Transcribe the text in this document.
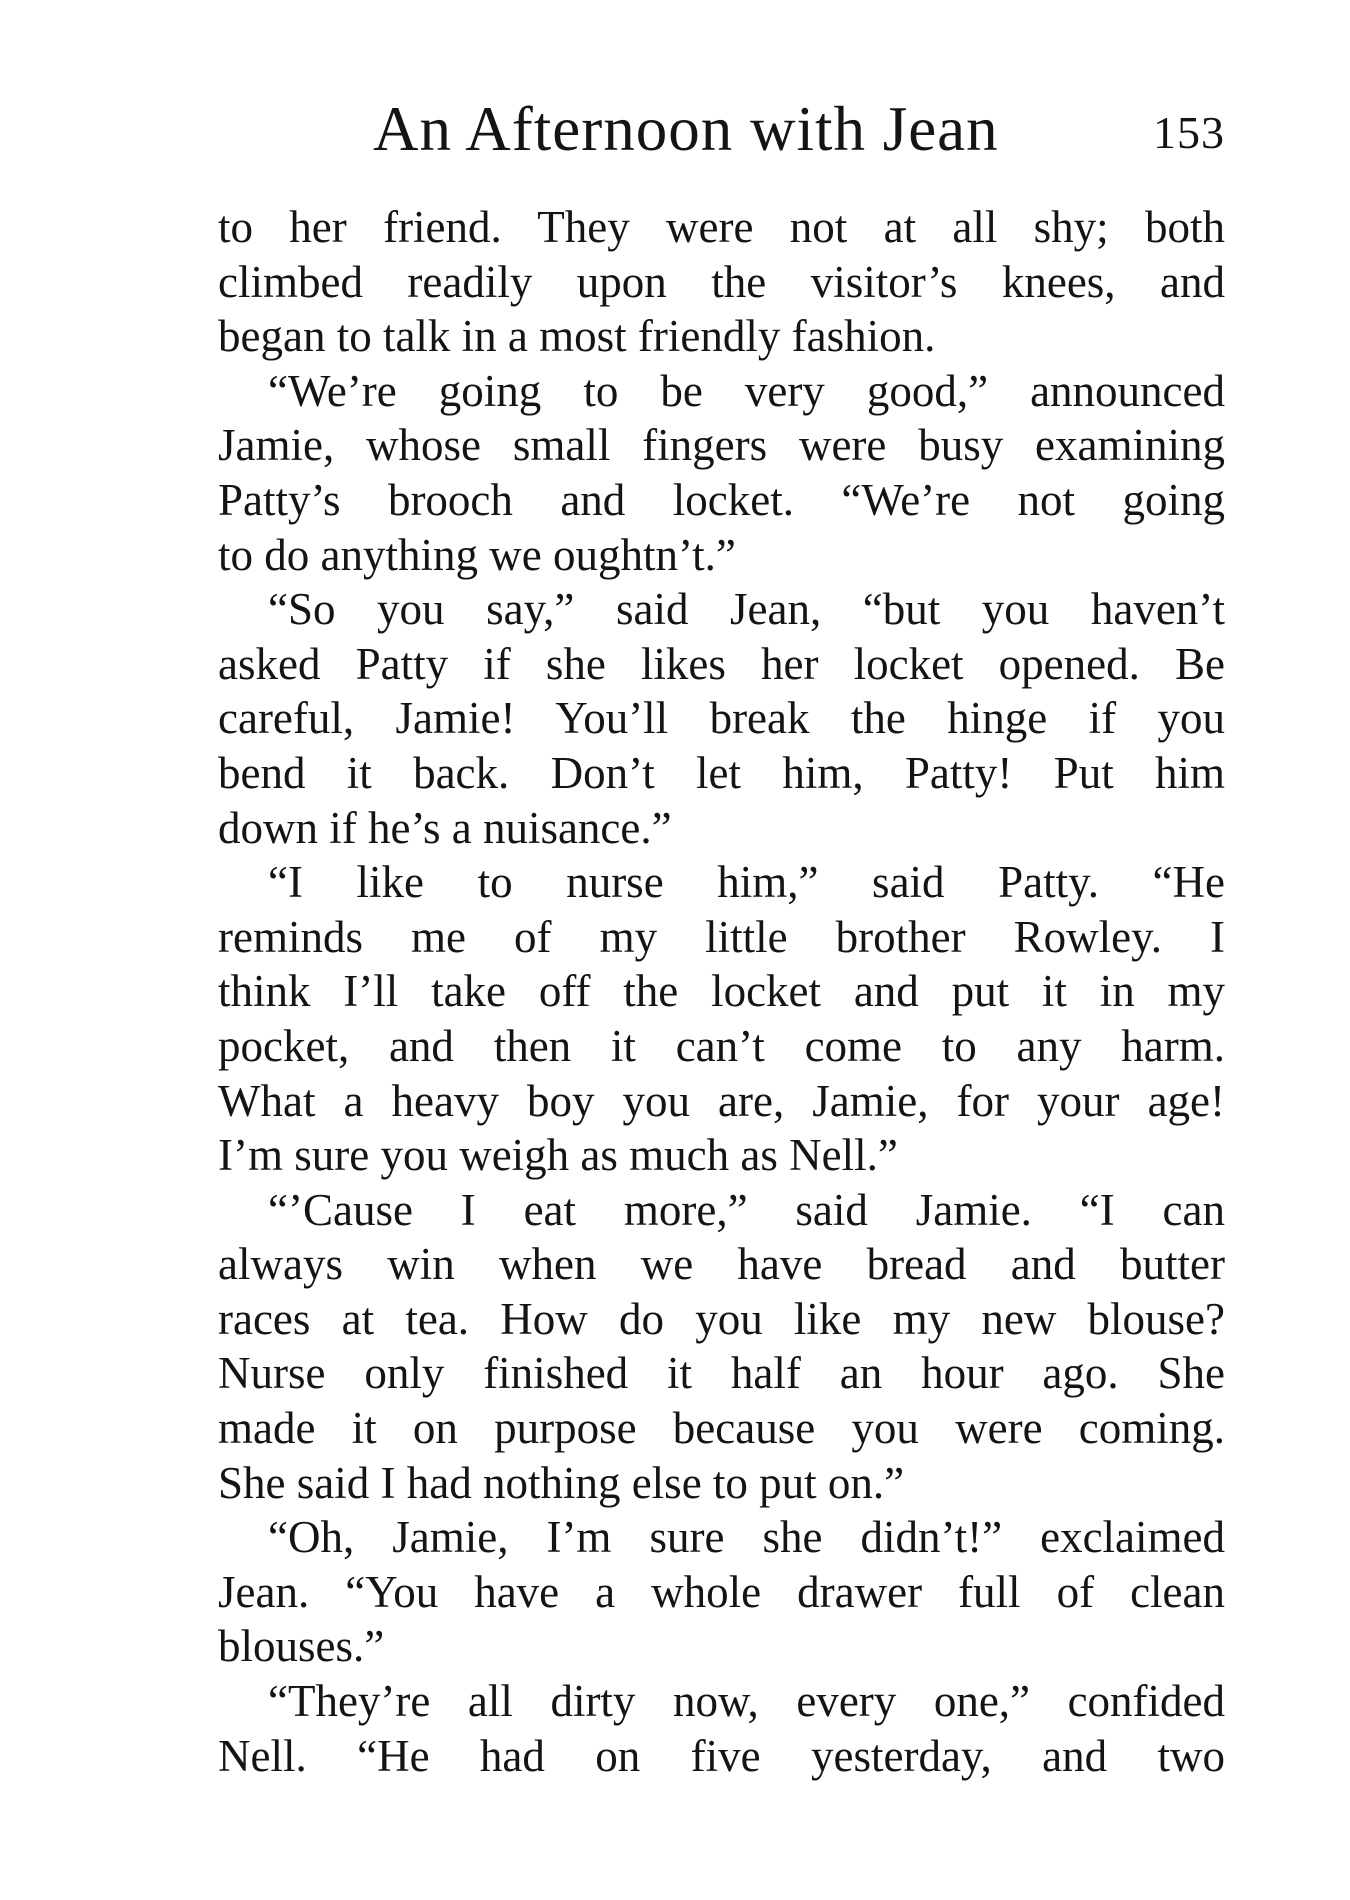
An Afternoon with Jean	153
to her friend. They were not at all shy; both
climbed readily upon the visitor’s knees, and
began to talk in a most friendly fashion.
“We’re going to be very good,” announced
Jamie, whose small fingers were busy examining
Patty’s brooch and locket. “We’re not going
to do anything we oughtn’t.”
“So you say,” said Jean, “but you haven’t
asked Patty if she likes her locket opened. Be
careful, Jamie! You’ll break the hinge if you
bend it back. Don’t let him, Patty! Put him
down if he’s a nuisance.”
“I like to nurse him,” said Patty. “He
reminds me of my little brother Rowley. I
think I’ll take off the locket and put it in my
pocket, and then it can’t come to any harm.
What a heavy boy you are, Jamie, for your age!
I’m sure you weigh as much as Nell.”
“’Cause I eat more,” said Jamie. “I can
always win when we have bread and butter
races at tea. How do you like my new blouse?
Nurse only finished it half an hour ago. She
made it on purpose because you were coming.
She said I had nothing else to put on.”
“Oh, Jamie, I’m sure she didn’t!” exclaimed
Jean. “You have a whole drawer full of clean
blouses.”
“They’re all dirty now, every one,” confided
Nell. “He had on five yesterday, and two
